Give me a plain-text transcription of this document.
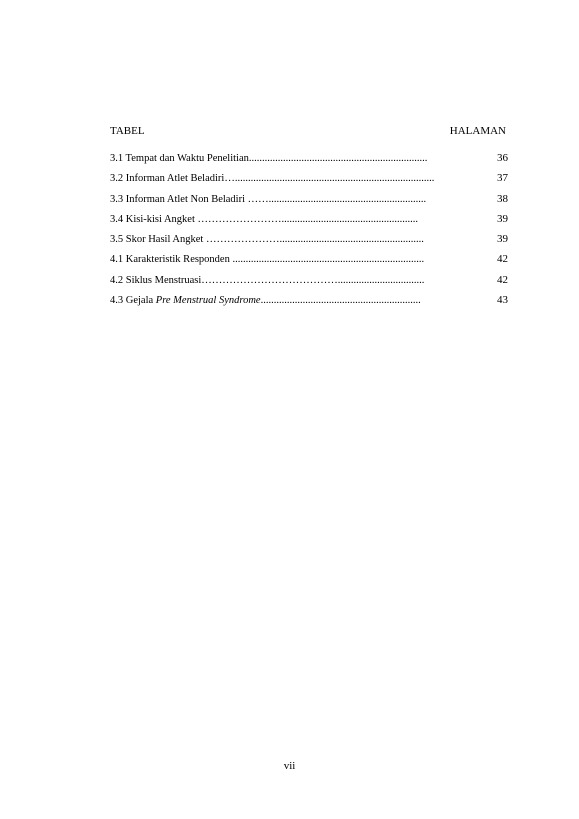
TABEL	HALAMAN
3.1 Tempat dan Waktu Penelitian....................................................................	36
3.2 Informan Atlet Beladiri…............................................................................	37
3.3 Informan Atlet Non Beladiri ……............................................................	38
3.4 Kisi-kisi Angket ……………………....................................................	39
3.5 Skor Hasil Angket ………………….......................................................	39
4.1 Karakteristik Responden .........................................................................	42
4.2 Siklus Menstruasi………………………………….................................	42
4.3 Gejala Pre Menstrual Syndrome.............................................................	43
vii
